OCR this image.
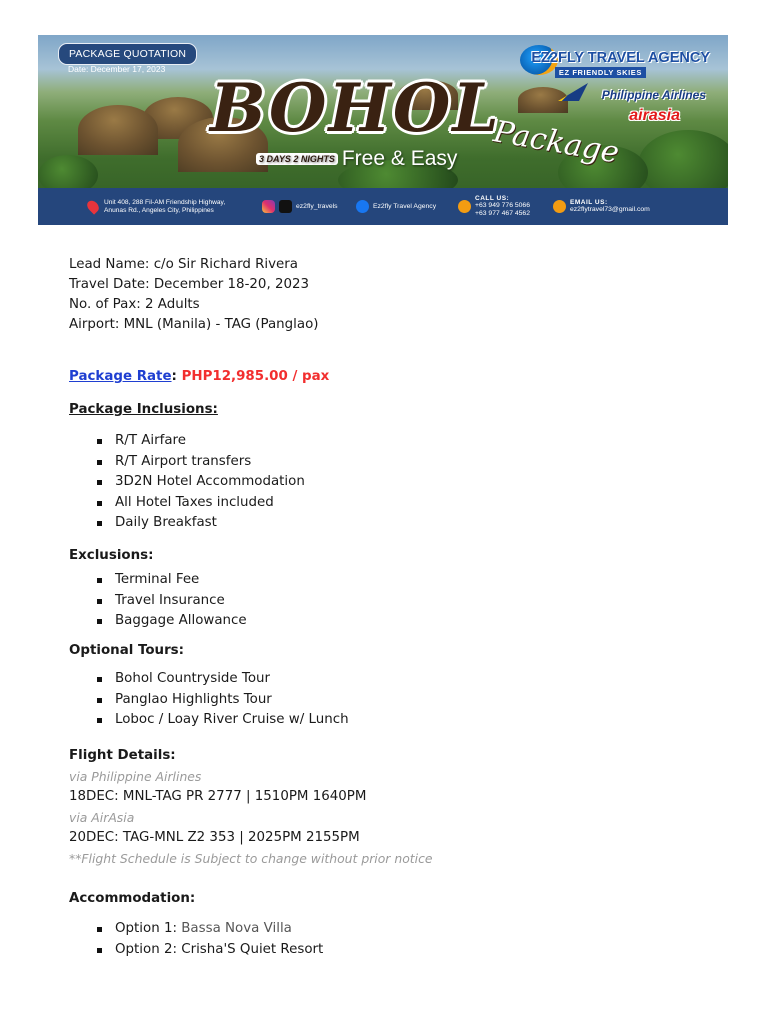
PACKAGE QUOTATION
Date: December 17, 2023 BOHOL
Package
3 DAYS 2 NIGHTS Free & Easy
EZ2FLY TRAVEL AGENCY
EZ FRIENDLY SKIES
Philippine Airlines
airasia
Unit 408, 288 Fil-AM Friendship Highway,
Anunas Rd., Angeles City, Philippines	ez2fly_travels	Ez2fly Travel Agency
CALL US:
+63 949 776 5066
+63 977 467 4562
EMAIL US:
ez2flytravel73@gmail.com

Lead Name: c/o Sir Richard Rivera

Travel Date: December 18-20, 2023

No. of Pax: 2 Adults

Airport: MNL (Manila) - TAG (Panglao)

Package Rate: PHP12,985.00 / pax
Package Inclusions:
R/T Airfare
R/T Airport transfers
3D2N Hotel Accommodation
All Hotel Taxes included
Daily Breakfast
Exclusions:
Terminal Fee
Travel Insurance
Baggage Allowance
Optional Tours:
Bohol Countryside Tour
Panglao Highlights Tour
Loboc / Loay River Cruise w/ Lunch
Flight Details:
via Philippine Airlines
18DEC: MNL-TAG PR 2777 | 1510PM 1640PM
via AirAsia
20DEC: TAG-MNL Z2 353 | 2025PM 2155PM
**Flight Schedule is Subject to change without prior notice
Accommodation:
Option 1: Bassa Nova Villa
Option 2: Crisha'S Quiet Resort
